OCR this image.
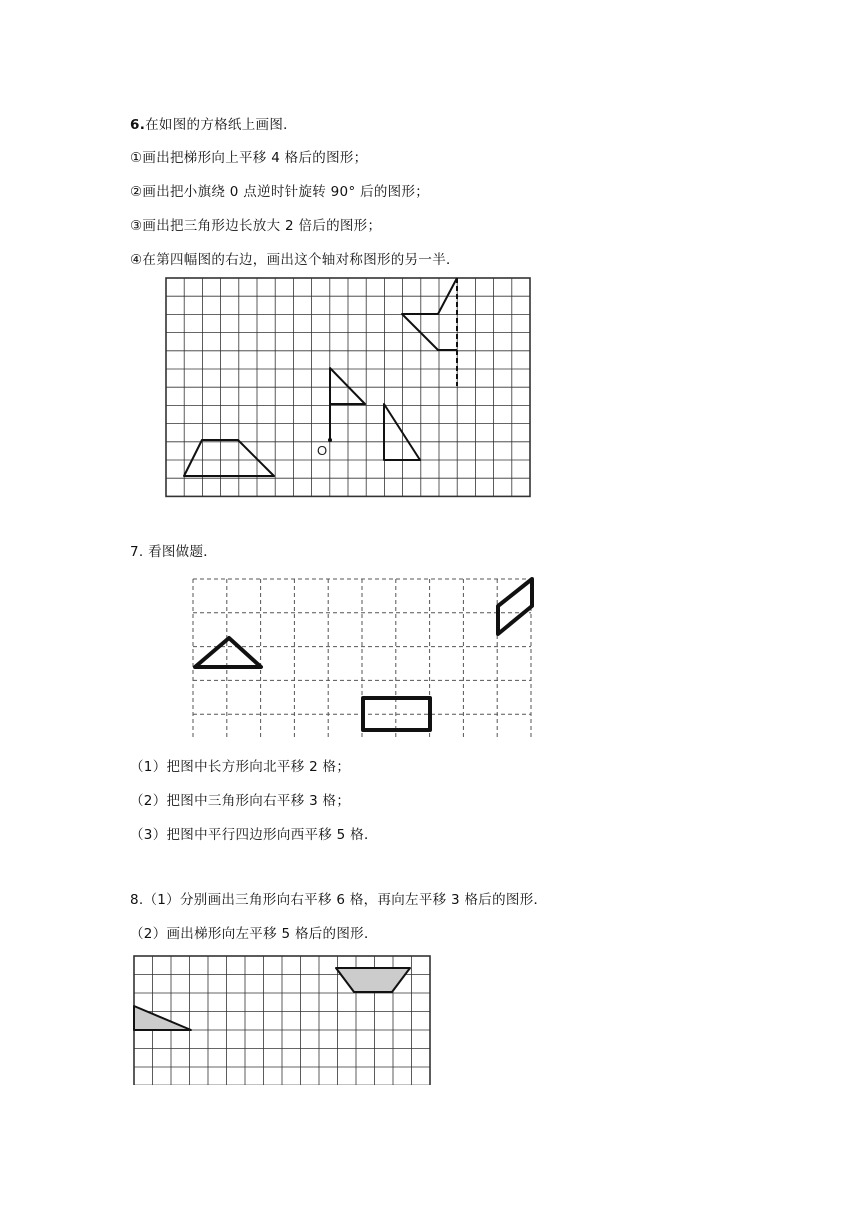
6.在如图的方格纸上画图．
①画出把梯形向上平移 4 格后的图形；
②画出把小旗绕 0 点逆时针旋转 90° 后的图形；
③画出把三角形边长放大 2 倍后的图形；
④在第四幅图的右边，画出这个轴对称图形的另一半．
O
7. 看图做题．
（1）把图中长方形向北平移 2 格；
（2）把图中三角形向右平移 3 格；
（3）把图中平行四边形向西平移 5 格．
8.（1）分别画出三角形向右平移 6 格，再向左平移 3 格后的图形．
（2）画出梯形向左平移 5 格后的图形．
